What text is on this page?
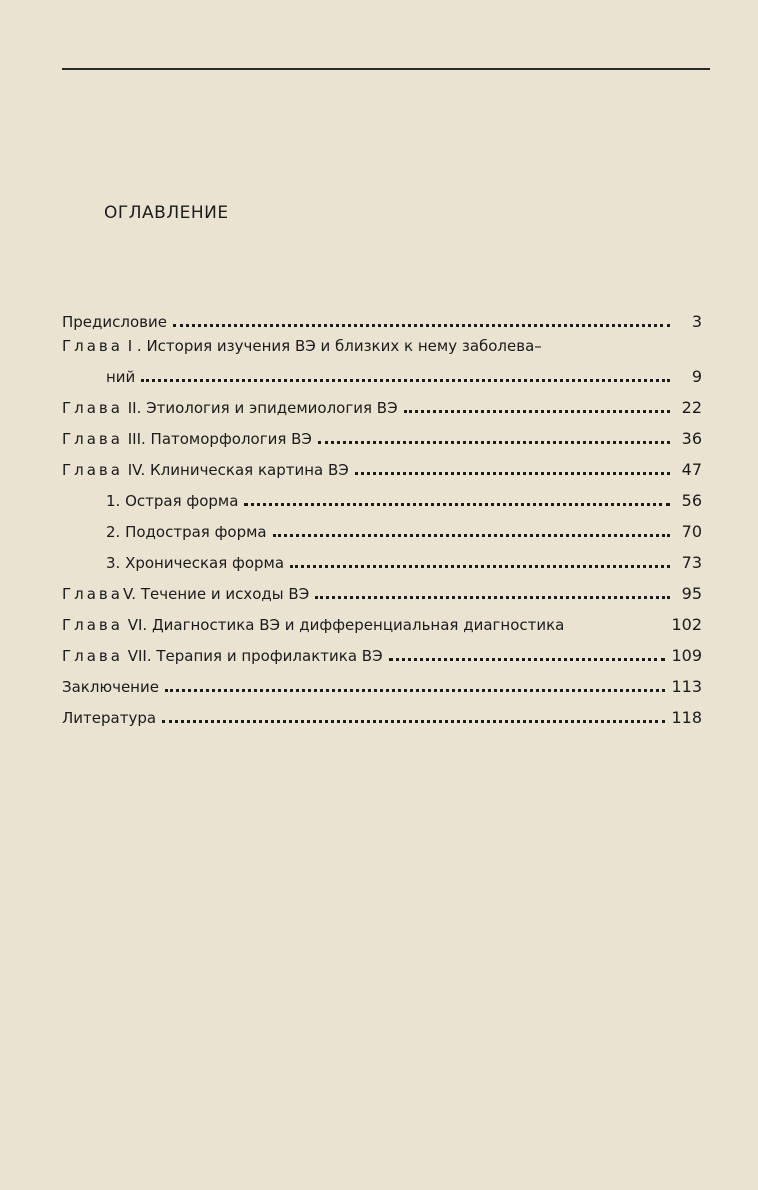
ОГЛАВЛЕНИЕ
Предисловие	3
Глава I . История изучения ВЭ и близких к нему заболева–
ний	9
Глава II. Этиология и эпидемиология ВЭ	22
Глава III. Патоморфология ВЭ	36
Глава IV. Клиническая картина ВЭ	47
1. Острая форма	56
2. Подострая форма	70
3. Хроническая форма	73
ГлаваV. Течение и исходы ВЭ	95
Глава VI. Диагностика ВЭ и дифференциальная диагностика	102
Глава VII. Терапия и профилактика ВЭ	109
Заключение	113
Литература	118
